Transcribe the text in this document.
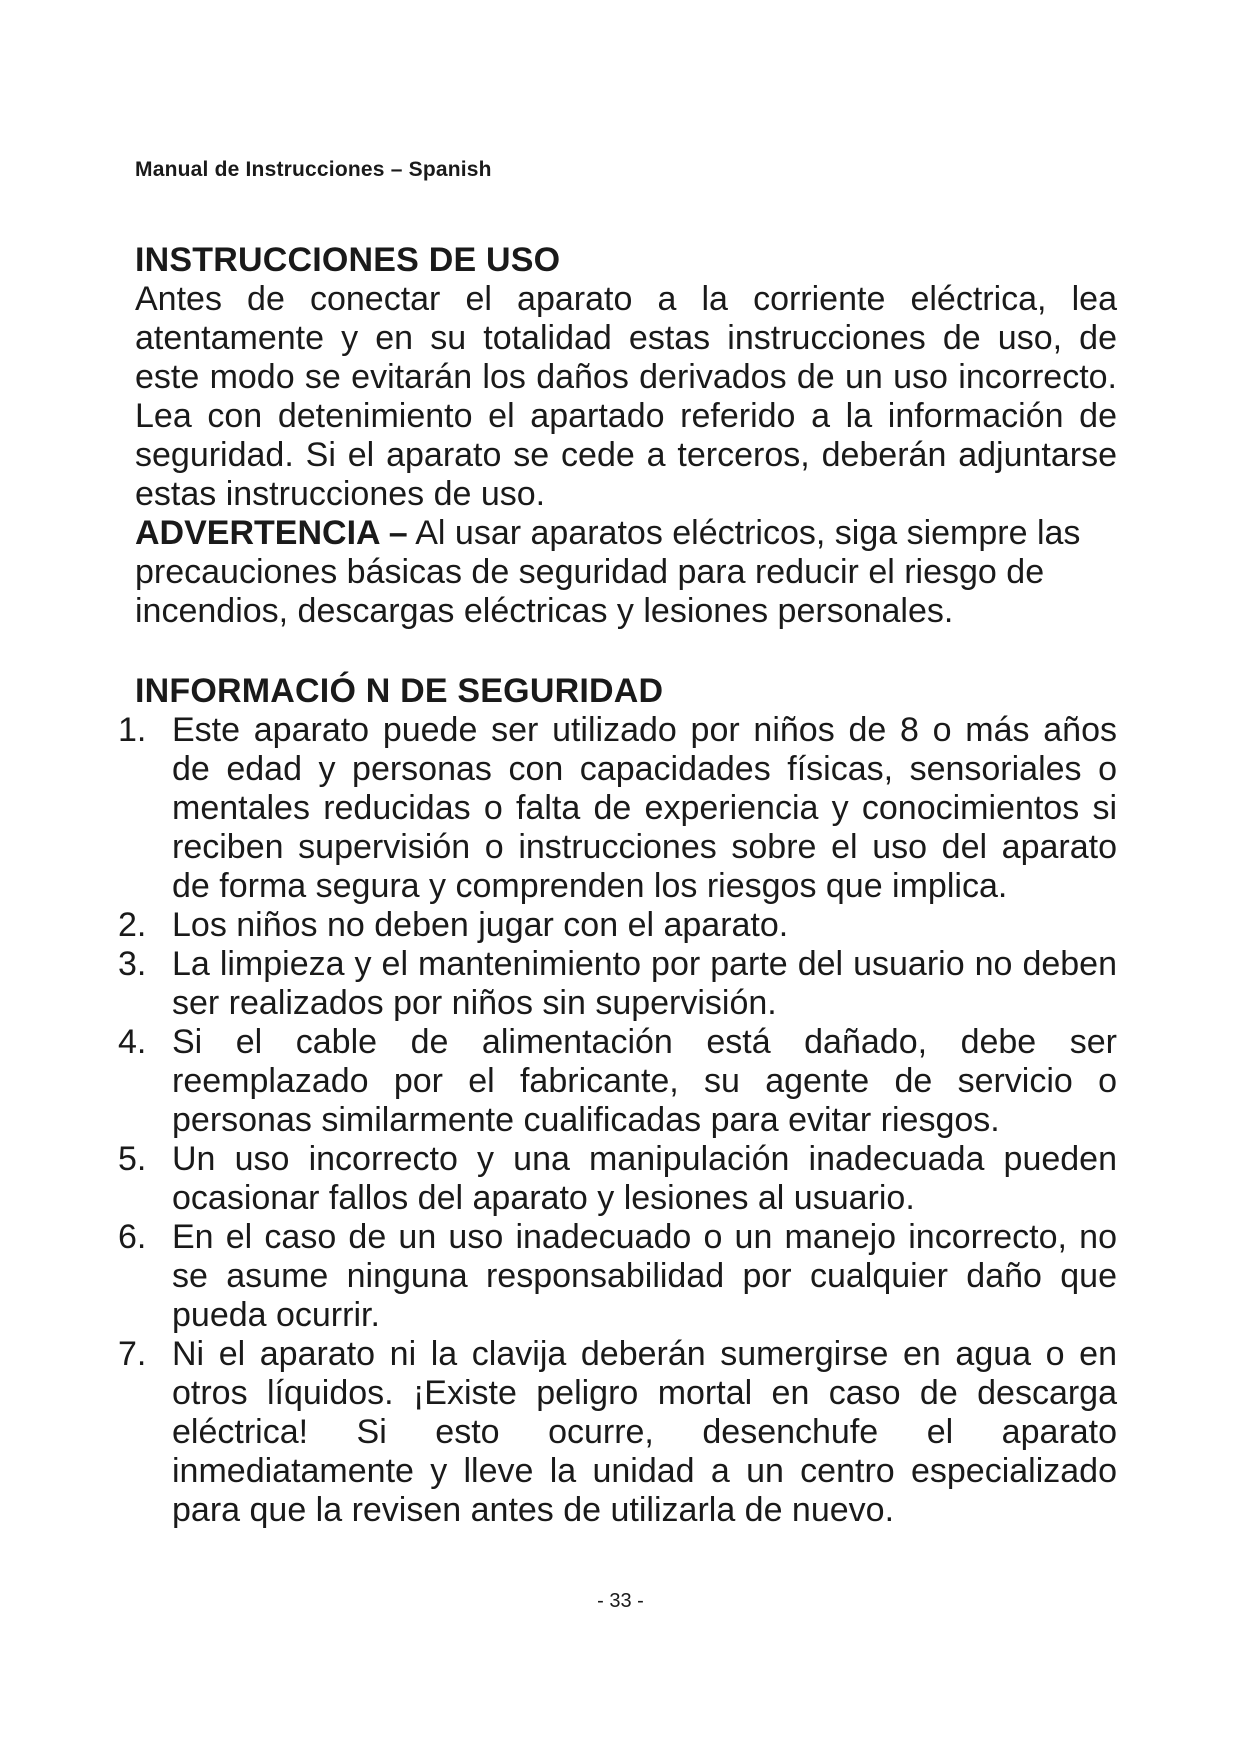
Manual de Instrucciones – Spanish
INSTRUCCIONES DE USO

Antes de conectar el aparato a la corriente eléctrica, lea atentamente y en su totalidad estas instrucciones de uso, de este modo se evitarán los daños derivados de un uso incorrecto. Lea con detenimiento el apartado referido a la información de seguridad. Si el aparato se cede a terceros, deberán adjuntarse estas instrucciones de uso.

ADVERTENCIA – Al usar aparatos eléctricos, siga siempre las precauciones básicas de seguridad para reducir el riesgo de incendios, descargas eléctricas y lesiones personales.

INFORMACIÓ N DE SEGURIDAD
1. Este aparato puede ser utilizado por niños de 8 o más años de edad y personas con capacidades físicas, sensoriales o mentales reducidas o falta de experiencia y conocimientos si reciben supervisión o instrucciones sobre el uso del aparato de forma segura y comprenden los riesgos que implica.
2. Los niños no deben jugar con el aparato.
3. La limpieza y el mantenimiento por parte del usuario no deben ser realizados por niños sin supervisión.
4. Si el cable de alimentación está dañado, debe ser reemplazado por el fabricante, su agente de servicio o personas similarmente cualificadas para evitar riesgos.
5. Un uso incorrecto y una manipulación inadecuada pueden ocasionar fallos del aparato y lesiones al usuario.
6. En el caso de un uso inadecuado o un manejo incorrecto, no se asume ninguna responsabilidad por cualquier daño que pueda ocurrir.
7. Ni el aparato ni la clavija deberán sumergirse en agua o en otros líquidos. ¡Existe peligro mortal en caso de descarga eléctrica! Si esto ocurre, desenchufe el aparato inmediatamente y lleve la unidad a un centro especializado para que la revisen antes de utilizarla de nuevo.
- 33 -
